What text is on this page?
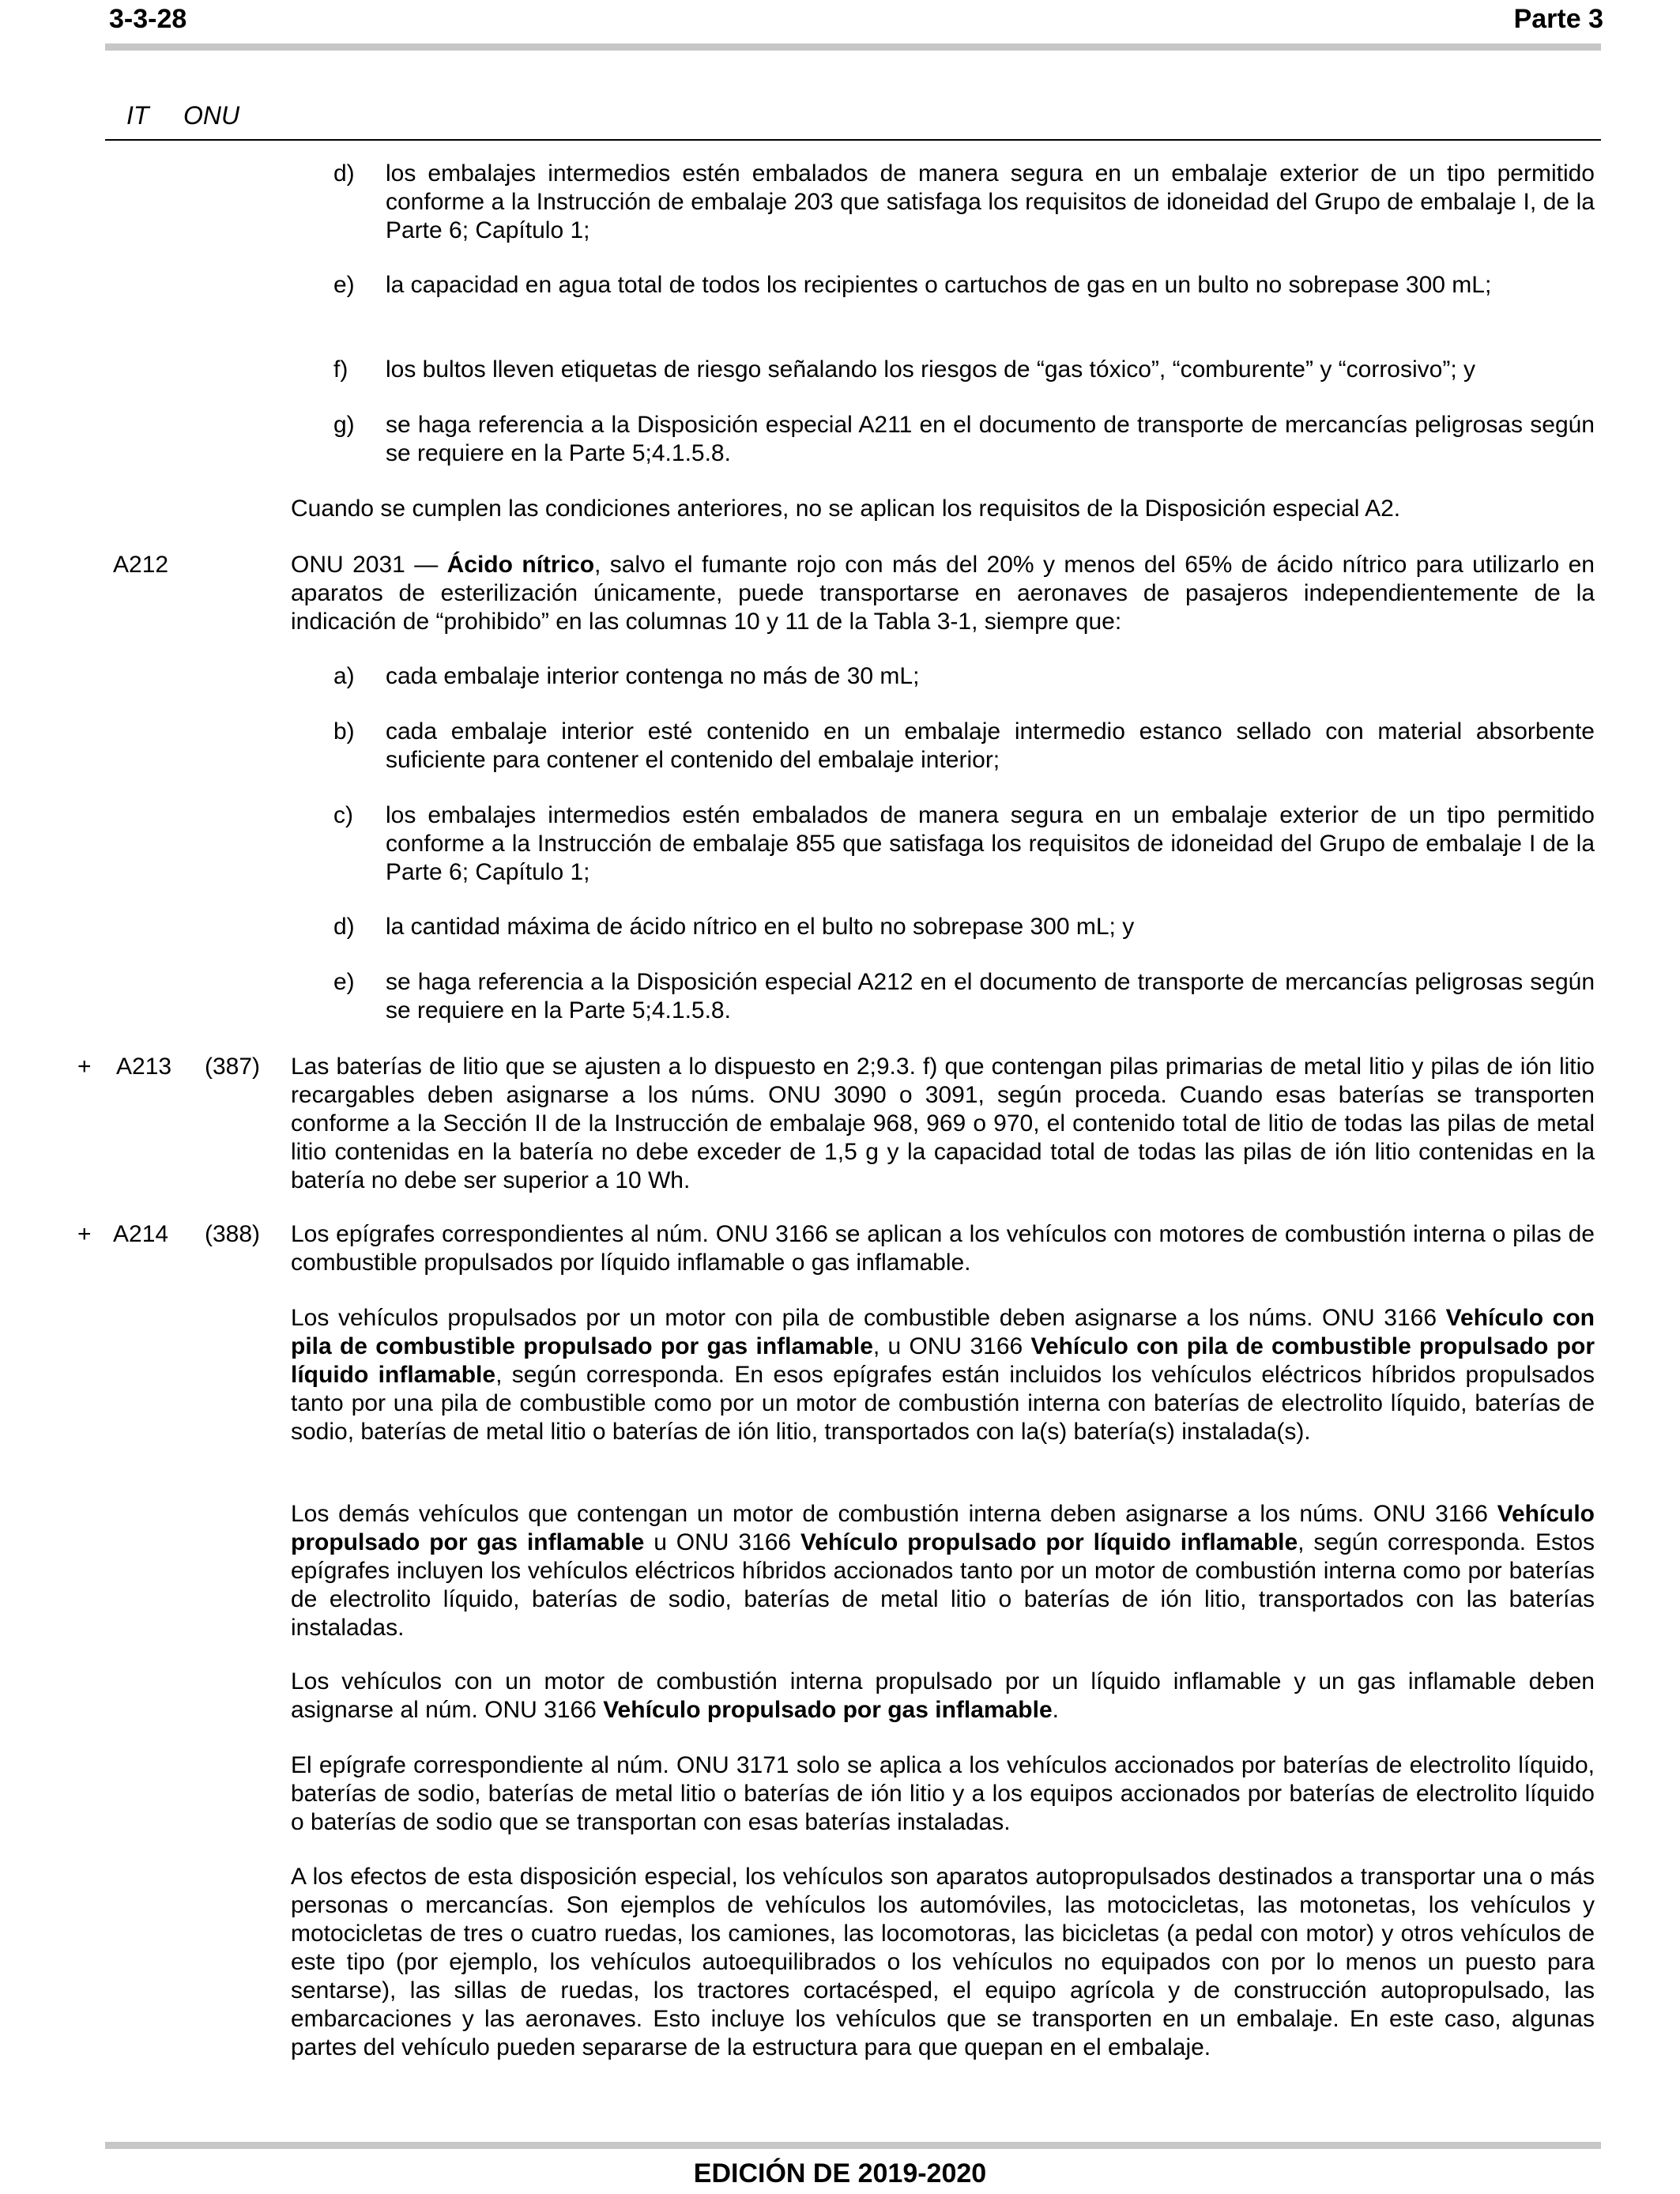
3-3-28	Parte 3
IT ONU
d)	los embalajes intermedios estén embalados de manera segura en un embalaje exterior de un tipo permitido conforme a la Instrucción de embalaje 203 que satisfaga los requisitos de idoneidad del Grupo de embalaje I, de la Parte 6; Capítulo 1;
e)	la capacidad en agua total de todos los recipientes o cartuchos de gas en un bulto no sobrepase 300 mL;
f)	los bultos lleven etiquetas de riesgo señalando los riesgos de “gas tóxico”, “comburente” y “corrosivo”; y
g)	se haga referencia a la Disposición especial A211 en el documento de transporte de mercancías peligrosas según se requiere en la Parte 5;4.1.5.8.
Cuando se cumplen las condiciones anteriores, no se aplican los requisitos de la Disposición especial A2.
A212	ONU 2031 — Ácido nítrico, salvo el fumante rojo con más del 20% y menos del 65% de ácido nítrico para utilizarlo en aparatos de esterilización únicamente, puede transportarse en aeronaves de pasajeros independientemente de la indicación de “prohibido” en las columnas 10 y 11 de la Tabla 3-1, siempre que:
a)	cada embalaje interior contenga no más de 30 mL;
b)	cada embalaje interior esté contenido en un embalaje intermedio estanco sellado con material absorbente suficiente para contener el contenido del embalaje interior;
c)	los embalajes intermedios estén embalados de manera segura en un embalaje exterior de un tipo permitido conforme a la Instrucción de embalaje 855 que satisfaga los requisitos de idoneidad del Grupo de embalaje I de la Parte 6; Capítulo 1;
d)	la cantidad máxima de ácido nítrico en el bulto no sobrepase 300 mL; y
e)	se haga referencia a la Disposición especial A212 en el documento de transporte de mercancías peligrosas según se requiere en la Parte 5;4.1.5.8.
+ A213 (387) Las baterías de litio que se ajusten a lo dispuesto en 2;9.3. f) que contengan pilas primarias de metal litio y pilas de ión litio recargables deben asignarse a los núms. ONU 3090 o 3091, según proceda. Cuando esas baterías se transporten conforme a la Sección II de la Instrucción de embalaje 968, 969 o 970, el contenido total de litio de todas las pilas de metal litio contenidas en la batería no debe exceder de 1,5 g y la capacidad total de todas las pilas de ión litio contenidas en la batería no debe ser superior a 10 Wh.
+ A214 (388) Los epígrafes correspondientes al núm. ONU 3166 se aplican a los vehículos con motores de combustión interna o pilas de combustible propulsados por líquido inflamable o gas inflamable.
Los vehículos propulsados por un motor con pila de combustible deben asignarse a los núms. ONU 3166 Vehículo con pila de combustible propulsado por gas inflamable, u ONU 3166 Vehículo con pila de combustible propulsado por líquido inflamable, según corresponda. En esos epígrafes están incluidos los vehículos eléctricos híbridos propulsados tanto por una pila de combustible como por un motor de combustión interna con baterías de electrolito líquido, baterías de sodio, baterías de metal litio o baterías de ión litio, transportados con la(s) batería(s) instalada(s).
Los demás vehículos que contengan un motor de combustión interna deben asignarse a los núms. ONU 3166 Vehículo propulsado por gas inflamable u ONU 3166 Vehículo propulsado por líquido inflamable, según corresponda. Estos epígrafes incluyen los vehículos eléctricos híbridos accionados tanto por un motor de combustión interna como por baterías de electrolito líquido, baterías de sodio, baterías de metal litio o baterías de ión litio, transportados con las baterías instaladas.
Los vehículos con un motor de combustión interna propulsado por un líquido inflamable y un gas inflamable deben asignarse al núm. ONU 3166 Vehículo propulsado por gas inflamable.
El epígrafe correspondiente al núm. ONU 3171 solo se aplica a los vehículos accionados por baterías de electrolito líquido, baterías de sodio, baterías de metal litio o baterías de ión litio y a los equipos accionados por baterías de electrolito líquido o baterías de sodio que se transportan con esas baterías instaladas.
A los efectos de esta disposición especial, los vehículos son aparatos autopropulsados destinados a transportar una o más personas o mercancías. Son ejemplos de vehículos los automóviles, las motocicletas, las motonetas, los vehículos y motocicletas de tres o cuatro ruedas, los camiones, las locomotoras, las bicicletas (a pedal con motor) y otros vehículos de este tipo (por ejemplo, los vehículos autoequilibrados o los vehículos no equipados con por lo menos un puesto para sentarse), las sillas de ruedas, los tractores cortacésped, el equipo agrícola y de construcción autopropulsado, las embarcaciones y las aeronaves. Esto incluye los vehículos que se transporten en un embalaje. En este caso, algunas partes del vehículo pueden separarse de la estructura para que quepan en el embalaje.
EDICIÓN DE 2019-2020
